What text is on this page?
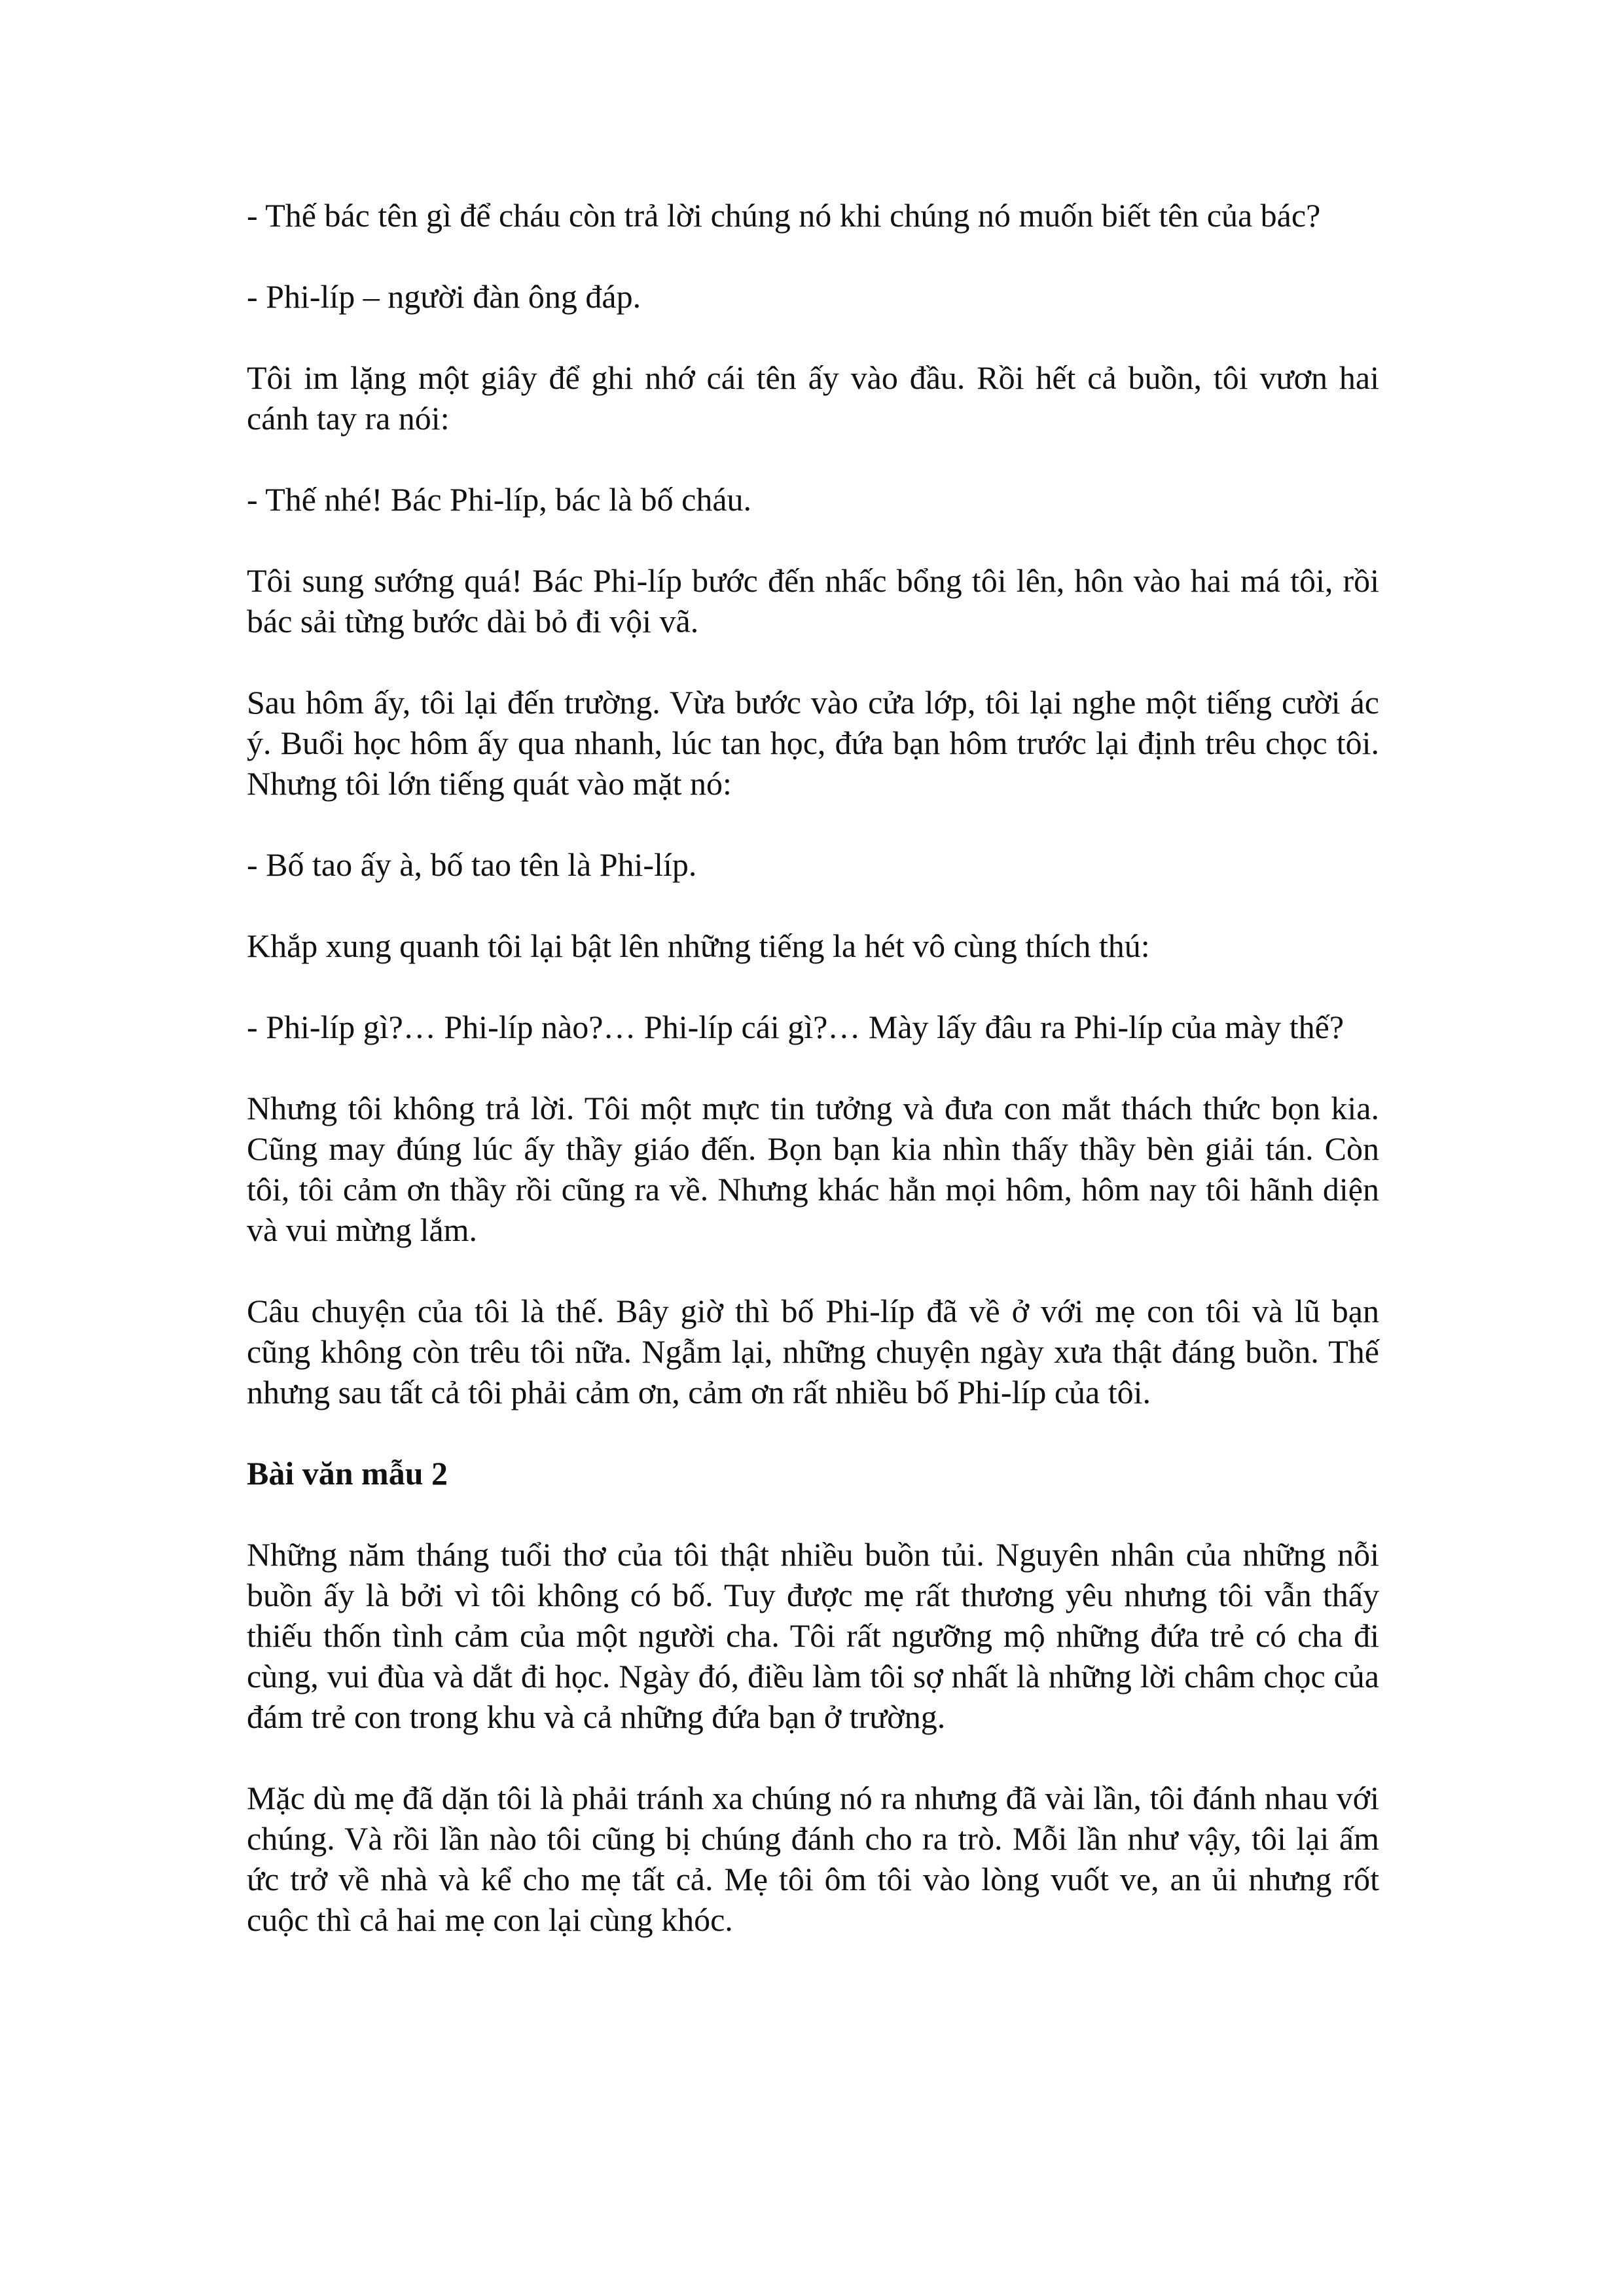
- Thế bác tên gì để cháu còn trả lời chúng nó khi chúng nó muốn biết tên của bác?

- Phi-líp – người đàn ông đáp.

Tôi im lặng một giây để ghi nhớ cái tên ấy vào đầu. Rồi hết cả buồn, tôi vươn hai cánh tay ra nói:

- Thế nhé! Bác Phi-líp, bác là bố cháu.

Tôi sung sướng quá! Bác Phi-líp bước đến nhấc bổng tôi lên, hôn vào hai má tôi, rồi bác sải từng bước dài bỏ đi vội vã.

Sau hôm ấy, tôi lại đến trường. Vừa bước vào cửa lớp, tôi lại nghe một tiếng cười ác ý. Buổi học hôm ấy qua nhanh, lúc tan học, đứa bạn hôm trước lại định trêu chọc tôi. Nhưng tôi lớn tiếng quát vào mặt nó:

- Bố tao ấy à, bố tao tên là Phi-líp.

Khắp xung quanh tôi lại bật lên những tiếng la hét vô cùng thích thú:

- Phi-líp gì?… Phi-líp nào?… Phi-líp cái gì?… Mày lấy đâu ra Phi-líp của mày thế?

Nhưng tôi không trả lời. Tôi một mực tin tưởng và đưa con mắt thách thức bọn kia. Cũng may đúng lúc ấy thầy giáo đến. Bọn bạn kia nhìn thấy thầy bèn giải tán. Còn tôi, tôi cảm ơn thầy rồi cũng ra về. Nhưng khác hẳn mọi hôm, hôm nay tôi hãnh diện và vui mừng lắm.

Câu chuyện của tôi là thế. Bây giờ thì bố Phi-líp đã về ở với mẹ con tôi và lũ bạn cũng không còn trêu tôi nữa. Ngẫm lại, những chuyện ngày xưa thật đáng buồn. Thế nhưng sau tất cả tôi phải cảm ơn, cảm ơn rất nhiều bố Phi-líp của tôi.

Bài văn mẫu 2

Những năm tháng tuổi thơ của tôi thật nhiều buồn tủi. Nguyên nhân của những nỗi buồn ấy là bởi vì tôi không có bố. Tuy được mẹ rất thương yêu nhưng tôi vẫn thấy thiếu thốn tình cảm của một người cha. Tôi rất ngưỡng mộ những đứa trẻ có cha đi cùng, vui đùa và dắt đi học. Ngày đó, điều làm tôi sợ nhất là những lời châm chọc của đám trẻ con trong khu và cả những đứa bạn ở trường.

Mặc dù mẹ đã dặn tôi là phải tránh xa chúng nó ra nhưng đã vài lần, tôi đánh nhau với chúng. Và rồi lần nào tôi cũng bị chúng đánh cho ra trò. Mỗi lần như vậy, tôi lại ấm ức trở về nhà và kể cho mẹ tất cả. Mẹ tôi ôm tôi vào lòng vuốt ve, an ủi nhưng rốt cuộc thì cả hai mẹ con lại cùng khóc.
